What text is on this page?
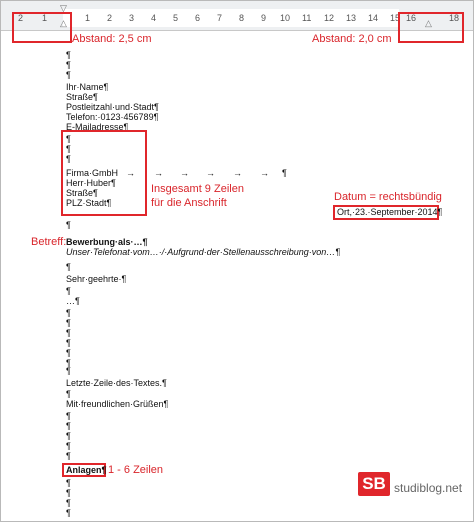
2 1
▽
△ 1 2 3 4 5 6 7 8 9 10 11 12 13 14 15 16 △ 18
Abstand: 2,5 cm	Abstand: 2,0 cm
¶
¶
¶
Ihr·Name¶
Straße¶
Postleitzahl·und·Stadt¶
Telefon:·0123·456789¶
E-Mailadresse¶
¶
¶
¶
Firma·GmbH → → → → → → ¶
Herr·Huber¶
Straße¶
PLZ·Stadt¶
Insgesamt 9 Zeilen
für die Anschrift	Datum = rechtsbündig
Ort,·23.·September·2014¶
¶
Betreff: Bewerbung·als·…¶
Unser·Telefonat·vom…·/·Aufgrund·der·Stellenausschreibung·von…¶
¶
Sehr·geehrte·¶
¶
…¶
¶
¶
¶
¶
¶
¶
¶
Letzte·Zeile·des·Textes.¶
¶
Mit·freundlichen·Grüßen¶
¶
¶
¶
¶
¶
Anlagen¶ 1 - 6 Zeilen
¶
¶
¶
¶
SB studiblog.net
